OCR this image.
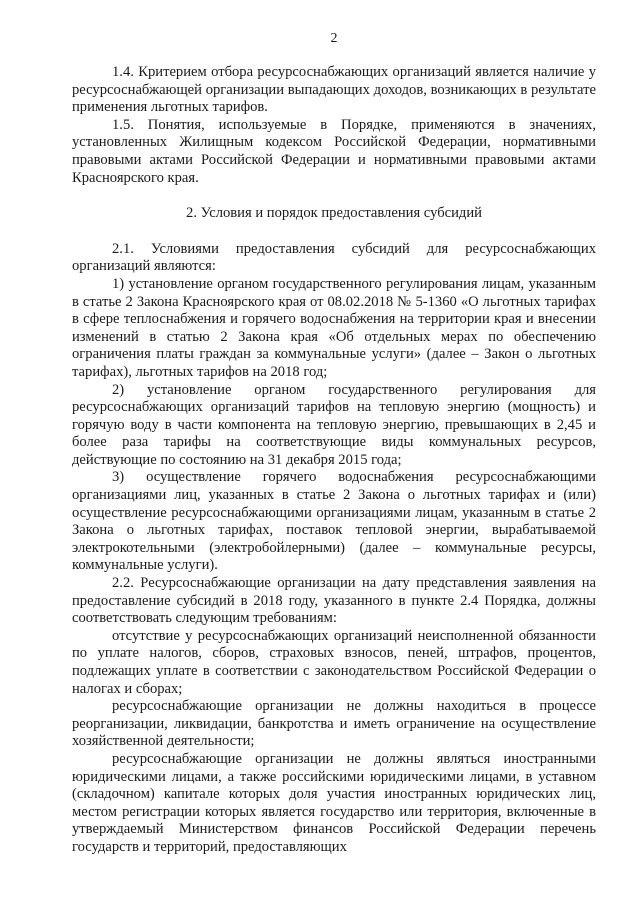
2

1.4. Критерием отбора ресурсоснабжающих организаций является наличие у ресурсоснабжающей организации выпадающих доходов, возникающих в результате применения льготных тарифов.

1.5. Понятия, используемые в Порядке, применяются в значениях, установленных Жилищным кодексом Российской Федерации, нормативными правовыми актами Российской Федерации и нормативными правовыми актами Красноярского края.

2. Условия и порядок предоставления субсидий

2.1. Условиями предоставления субсидий для ресурсоснабжающих организаций являются:

1) установление органом государственного регулирования лицам, указанным в статье 2 Закона Красноярского края от 08.02.2018 № 5-1360 «О льготных тарифах в сфере теплоснабжения и горячего водоснабжения на территории края и внесении изменений в статью 2 Закона края «Об отдельных мерах по обеспечению ограничения платы граждан за коммунальные услуги» (далее – Закон о льготных тарифах), льготных тарифов на 2018 год;

2) установление органом государственного регулирования для ресурсоснабжающих организаций тарифов на тепловую энергию (мощность) и горячую воду в части компонента на тепловую энергию, превышающих в 2,45 и более раза тарифы на соответствующие виды коммунальных ресурсов, действующие по состоянию на 31 декабря 2015 года;

3) осуществление горячего водоснабжения ресурсоснабжающими организациями лиц, указанных в статье 2 Закона о льготных тарифах и (или) осуществление ресурсоснабжающими организациями лицам, указанным в статье 2 Закона о льготных тарифах, поставок тепловой энергии, вырабатываемой электрокотельными (электробойлерными) (далее – коммунальные ресурсы, коммунальные услуги).

2.2. Ресурсоснабжающие организации на дату представления заявления на предоставление субсидий в 2018 году, указанного в пункте 2.4 Порядка, должны соответствовать следующим требованиям:

отсутствие у ресурсоснабжающих организаций неисполненной обязанности по уплате налогов, сборов, страховых взносов, пеней, штрафов, процентов, подлежащих уплате в соответствии с законодательством Российской Федерации о налогах и сборах;

ресурсоснабжающие организации не должны находиться в процессе реорганизации, ликвидации, банкротства и иметь ограничение на осуществление хозяйственной деятельности;

ресурсоснабжающие организации не должны являться иностранными юридическими лицами, а также российскими юридическими лицами, в уставном (складочном) капитале которых доля участия иностранных юридических лиц, местом регистрации которых является государство или территория, включенные в утверждаемый Министерством финансов Российской Федерации перечень государств и территорий, предоставляющих
